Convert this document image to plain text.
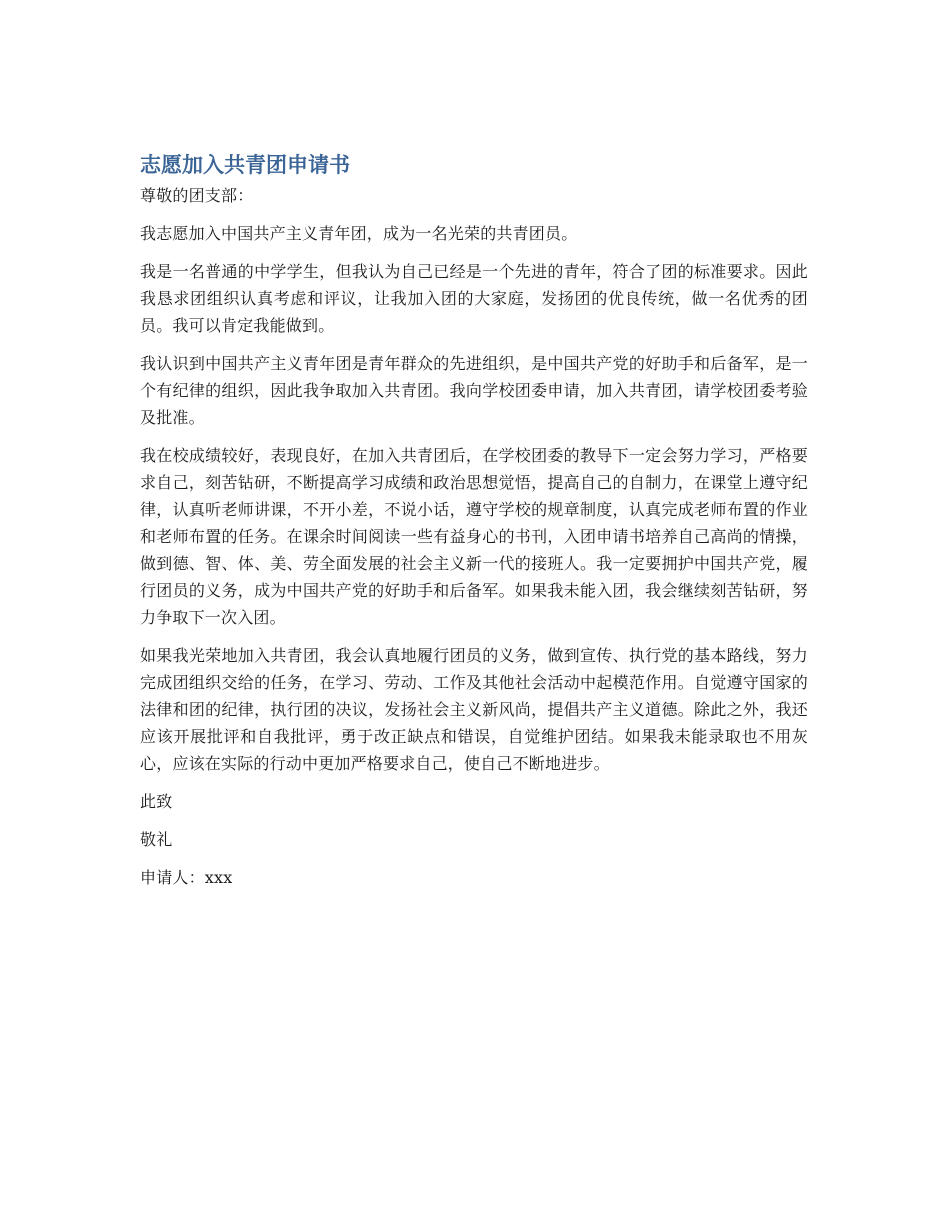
志愿加入共青团申请书

尊敬的团支部：

我志愿加入中国共产主义青年团，成为一名光荣的共青团员。

我是一名普通的中学学生，但我认为自己已经是一个先进的青年，符合了团的标准要求。因此我恳求团组织认真考虑和评议，让我加入团的大家庭，发扬团的优良传统，做一名优秀的团员。我可以肯定我能做到。

我认识到中国共产主义青年团是青年群众的先进组织，是中国共产党的好助手和后备军，是一个有纪律的组织，因此我争取加入共青团。我向学校团委申请，加入共青团，请学校团委考验及批准。

我在校成绩较好，表现良好，在加入共青团后，在学校团委的教导下一定会努力学习，严格要求自己，刻苦钻研，不断提高学习成绩和政治思想觉悟，提高自己的自制力，在课堂上遵守纪律，认真听老师讲课，不开小差，不说小话，遵守学校的规章制度，认真完成老师布置的作业和老师布置的任务。在课余时间阅读一些有益身心的书刊，入团申请书培养自己高尚的情操，做到德、智、体、美、劳全面发展的社会主义新一代的接班人。我一定要拥护中国共产党，履行团员的义务，成为中国共产党的好助手和后备军。如果我未能入团，我会继续刻苦钻研，努力争取下一次入团。

如果我光荣地加入共青团，我会认真地履行团员的义务，做到宣传、执行党的基本路线，努力完成团组织交给的任务，在学习、劳动、工作及其他社会活动中起模范作用。自觉遵守国家的法律和团的纪律，执行团的决议，发扬社会主义新风尚，提倡共产主义道德。除此之外，我还应该开展批评和自我批评，勇于改正缺点和错误，自觉维护团结。如果我未能录取也不用灰心，应该在实际的行动中更加严格要求自己，使自己不断地进步。

此致

敬礼

申请人：xxx
